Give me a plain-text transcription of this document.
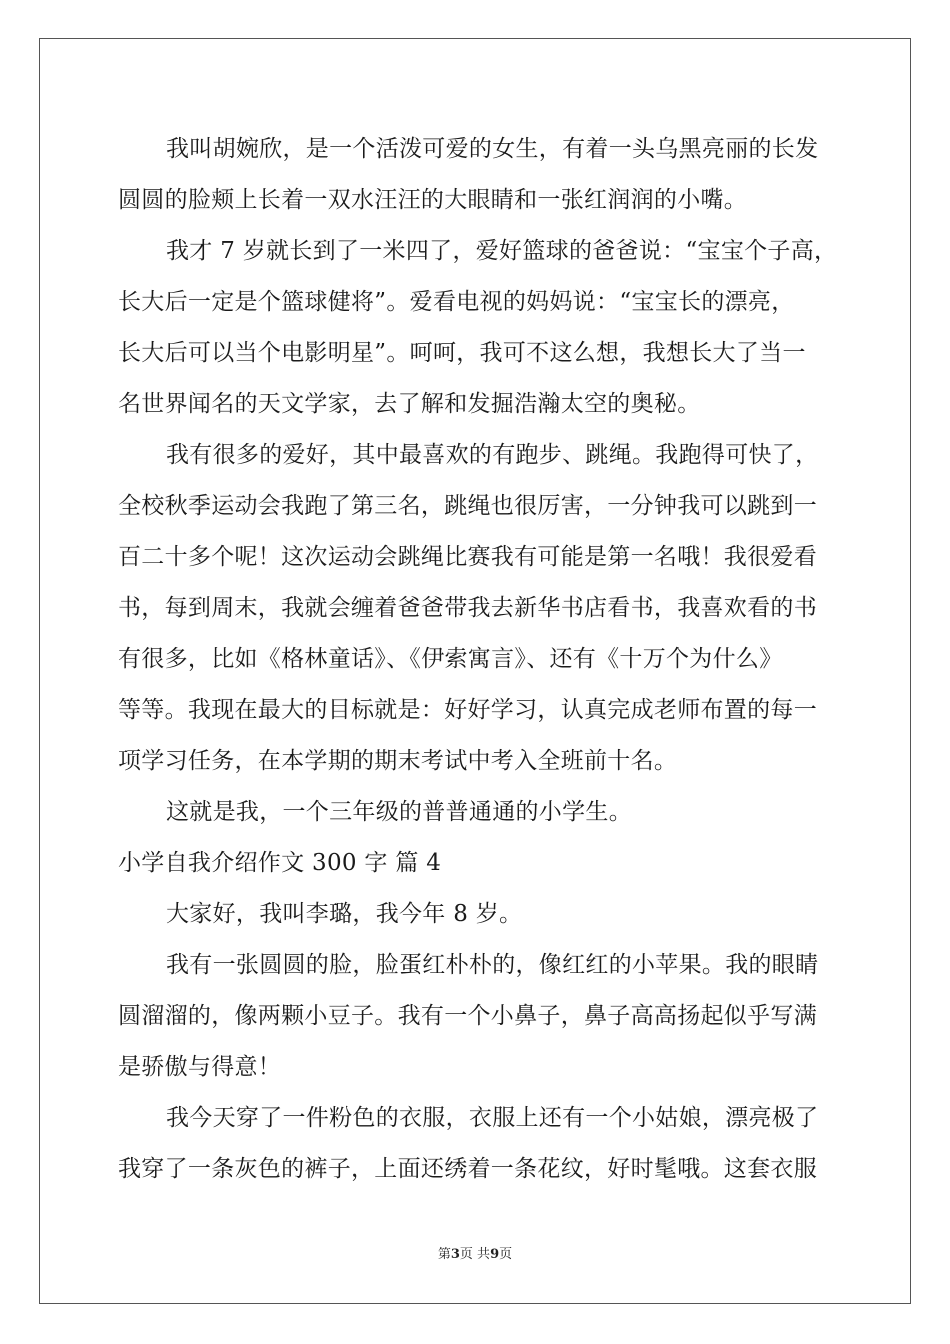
我叫胡婉欣，是一个活泼可爱的女生，有着一头乌黑亮丽的长发
圆圆的脸颊上长着一双水汪汪的大眼睛和一张红润润的小嘴。
我才 7 岁就长到了一米四了，爱好篮球的爸爸说：“宝宝个子高，
长大后一定是个篮球健将”。爱看电视的妈妈说：“宝宝长的漂亮，
长大后可以当个电影明星”。呵呵，我可不这么想，我想长大了当一
名世界闻名的天文学家，去了解和发掘浩瀚太空的奥秘。
我有很多的爱好，其中最喜欢的有跑步、跳绳。我跑得可快了，
全校秋季运动会我跑了第三名，跳绳也很厉害，一分钟我可以跳到一
百二十多个呢！这次运动会跳绳比赛我有可能是第一名哦！我很爱看
书，每到周末，我就会缠着爸爸带我去新华书店看书，我喜欢看的书
有很多，比如《格林童话》、《伊索寓言》、还有《十万个为什么》
等等。我现在最大的目标就是：好好学习，认真完成老师布置的每一
项学习任务，在本学期的期末考试中考入全班前十名。
这就是我，一个三年级的普普通通的小学生。
小学自我介绍作文 300 字 篇 4
大家好，我叫李璐，我今年 8 岁。
我有一张圆圆的脸，脸蛋红朴朴的，像红红的小苹果。我的眼睛
圆溜溜的，像两颗小豆子。我有一个小鼻子，鼻子高高扬起似乎写满
是骄傲与得意！
我今天穿了一件粉色的衣服，衣服上还有一个小姑娘，漂亮极了
我穿了一条灰色的裤子，上面还绣着一条花纹，好时髦哦。这套衣服
第3页 共9页
